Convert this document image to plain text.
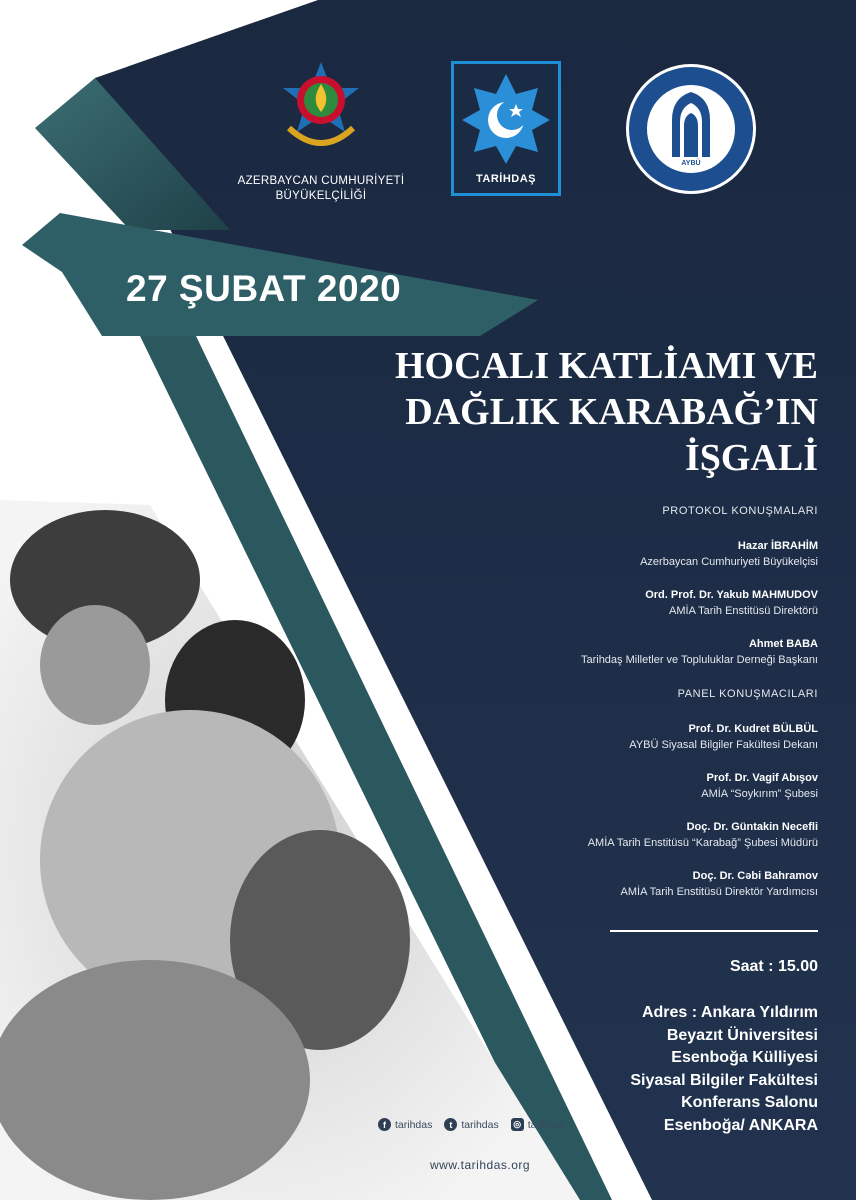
AZERBAYCAN CUMHURİYETİ
BÜYÜKELÇİLİĞİ
TARİHDAŞ
AYBÜ
27 ŞUBAT 2020
HOCALI KATLİAMI VE
DAĞLIK KARABAĞ’IN
İŞGALİ
PROTOKOL KONUŞMALARI
Hazar İBRAHİM
Azerbaycan Cumhuriyeti Büyükelçisi
Ord. Prof. Dr. Yakub MAHMUDOV
AMİA Tarih Enstitüsü Direktörü
Ahmet BABA
Tarihdaş Milletler ve Topluluklar Derneği Başkanı
PANEL KONUŞMACILARI
Prof. Dr. Kudret BÜLBÜL
AYBÜ Siyasal Bilgiler Fakültesi Dekanı
Prof. Dr. Vagif Abışov
AMİA “Soykırım” Şubesi
Doç. Dr. Güntakin Necefli
AMİA Tarih Enstitüsü “Karabağ” Şubesi Müdürü
Doç. Dr. Cəbi Bahramov
AMİA Tarih Enstitüsü Direktör Yardımcısı
Saat : 15.00
Adres : Ankara Yıldırım
Beyazıt Üniversitesi
Esenboğa Külliyesi
Siyasal Bilgiler Fakültesi
Konferans Salonu
Esenboğa/ ANKARA
f tarihdas	t tarihdas ◎ tarihdas
www.tarihdas.org
